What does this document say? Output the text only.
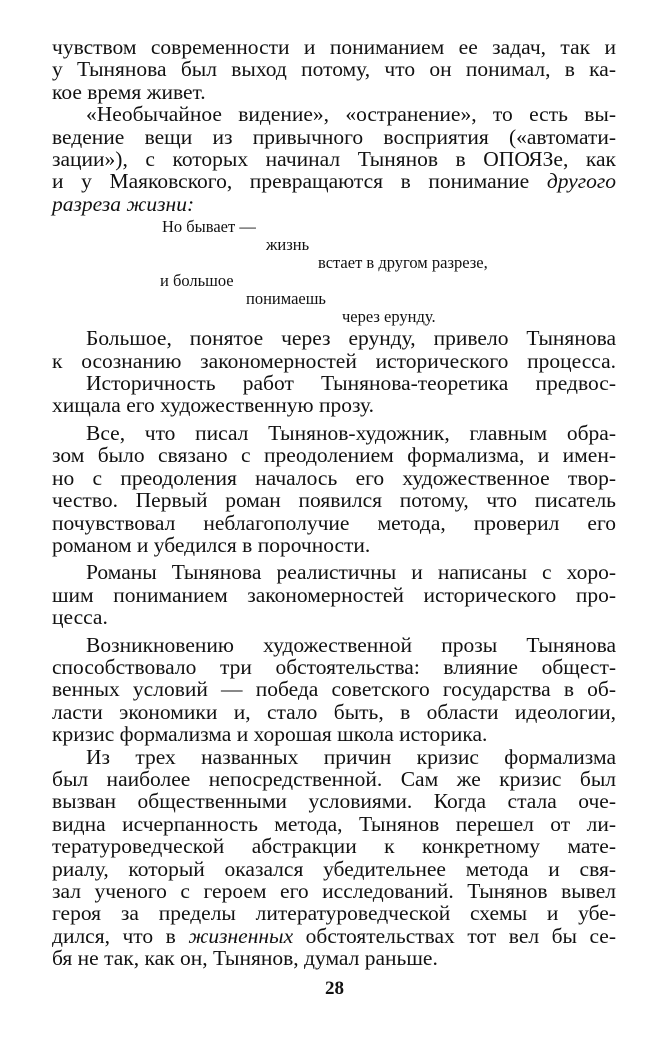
чувством современности и пониманием ее задач, так и
у Тынянова был выход потому, что он понимал, в ка-
кое время живет.

«Необычайное видение», «остранение», то есть вы-
ведение вещи из привычного восприятия («автомати-
зации»), с которых начинал Тынянов в ОПОЯЗе, как
и у Маяковского, превращаются в понимание другого
разреза жизни:

Но бывает —
жизнь
встает в другом разрезе,
и большое
понимаешь
через ерунду.

Большое, понятое через ерунду, привело Тынянова
к осознанию закономерностей исторического процесса.

Историчность работ Тынянова-теоретика предвос-
хищала его художественную прозу.

Все, что писал Тынянов-художник, главным обра-
зом было связано с преодолением формализма, и имен-
но с преодоления началось его художественное твор-
чество. Первый роман появился потому, что писатель
почувствовал неблагополучие метода, проверил его
романом и убедился в порочности.

Романы Тынянова реалистичны и написаны с хоро-
шим пониманием закономерностей исторического про-
цесса.

Возникновению художественной прозы Тынянова
способствовало три обстоятельства: влияние общест-
венных условий — победа советского государства в об-
ласти экономики и, стало быть, в области идеологии,
кризис формализма и хорошая школа историка.

Из трех названных причин кризис формализма
был наиболее непосредственной. Сам же кризис был
вызван общественными условиями. Когда стала оче-
видна исчерпанность метода, Тынянов перешел от ли-
тературоведческой абстракции к конкретному мате-
риалу, который оказался убедительнее метода и свя-
зал ученого с героем его исследований. Тынянов вывел
героя за пределы литературоведческой схемы и убе-
дился, что в жизненных обстоятельствах тот вел бы се-
бя не так, как он, Тынянов, думал раньше.

28
